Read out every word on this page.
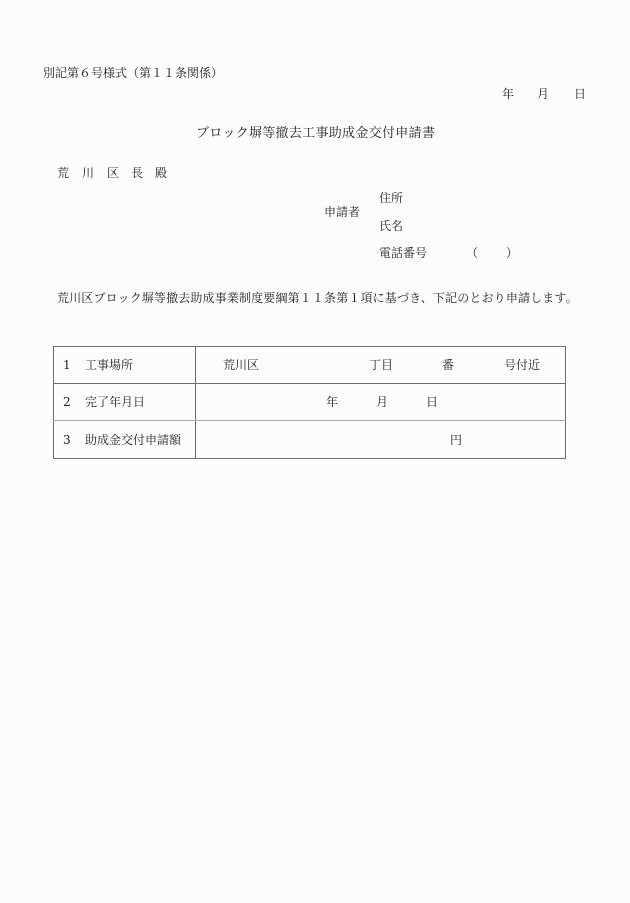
別記第６号様式（第１１条関係）
年 月 日
ブロック塀等撤去工事助成金交付申請書
荒 川 区 長 殿
申請者
住所
氏名
電話番号	（ ）
荒川区ブロック塀等撤去助成事業制度要綱第１１条第１項に基づき、下記のとおり申請します。
1 工事場所	荒川区 丁目 番 号付近

2 完了年月日	年 月 日

3 助成金交付申請額	円
